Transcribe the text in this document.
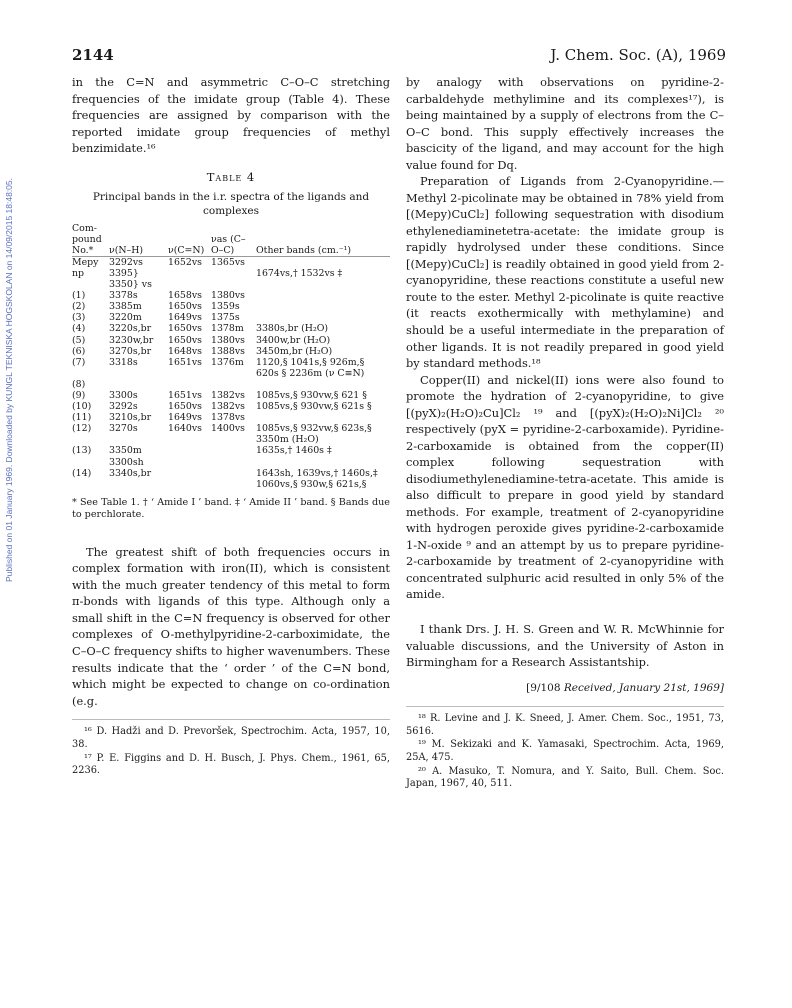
Published on 01 January 1969. Downloaded by KUNGL TEKNISKA HOGSKOLAN on 14/09/2015 18:48:05.
2144	J. Chem. Soc. (A), 1969

in the C=N and asymmetric C–O–C stretching frequencies of the imidate group (Table 4). These frequencies are assigned by comparison with the reported imidate group frequencies of methyl benzimidate.¹⁶

Table 4
Principal bands in the i.r. spectra of the ligands and complexes
Com-pound No.*	ν(N–H)	ν(C=N)	νas (C–O–C)	Other bands (cm.⁻¹)
Mepy	3292vs	1652vs	1365vs	
np	3395} 3350} vs			1674vs,† 1532vs ‡
(1)	3378s	1658vs	1380vs	
(2)	3385m	1650vs	1359s	
(3)	3220m	1649vs	1375s	
(4)	3220s,br	1650vs	1378m	3380s,br (H₂O)
(5)	3230w,br	1650vs	1380vs	3400w,br (H₂O)
(6)	3270s,br	1648vs	1388vs	3450m,br (H₂O)
(7)	3318s	1651vs	1376m	1120,§ 1041s,§ 926m,§ 620s § 2236m (ν C≡N)
(8)				
(9)	3300s	1651vs	1382vs	1085vs,§ 930vw,§ 621 §
(10)	3292s	1650vs	1382vs	1085vs,§ 930vw,§ 621s §
(11)	3210s,br	1649vs	1378vs	
(12)	3270s	1640vs	1400vs	1085vs,§ 932vw,§ 623s,§ 3350m (H₂O)
(13)	3350m 3300sh			1635s,† 1460s ‡
(14)	3340s,br			1643sh, 1639vs,† 1460s,‡ 1060vs,§ 930w,§ 621s,§

* See Table 1. † ‘ Amide I ’ band. ‡ ‘ Amide II ’ band. § Bands due to perchlorate.

The greatest shift of both frequencies occurs in complex formation with iron(II), which is consistent with the much greater tendency of this metal to form π-bonds with ligands of this type. Although only a small shift in the C=N frequency is observed for other complexes of O-methylpyridine-2-carboximidate, the C–O–C frequency shifts to higher wavenumbers. These results indicate that the ‘ order ’ of the C=N bond, which might be expected to change on co-ordination (e.g.

¹⁶ D. Hadži and D. Prevoršek, Spectrochim. Acta, 1957, 10, 38.

¹⁷ P. E. Figgins and D. H. Busch, J. Phys. Chem., 1961, 65, 2236.

by analogy with observations on pyridine-2-carbaldehyde methylimine and its complexes¹⁷), is being maintained by a supply of electrons from the C–O–C bond. This supply effectively increases the bascicity of the ligand, and may account for the high value found for Dq.

Preparation of Ligands from 2-Cyanopyridine.— Methyl 2-picolinate may be obtained in 78% yield from [(Mepy)CuCl₂] following sequestration with disodium ethylenediaminetetra-acetate: the imidate group is rapidly hydrolysed under these conditions. Since [(Mepy)CuCl₂] is readily obtained in good yield from 2-cyanopyridine, these reactions constitute a useful new route to the ester. Methyl 2-picolinate is quite reactive (it reacts exothermically with methylamine) and should be a useful intermediate in the preparation of other ligands. It is not readily prepared in good yield by standard methods.¹⁸

Copper(II) and nickel(II) ions were also found to promote the hydration of 2-cyanopyridine, to give [(pyX)₂(H₂O)₂Cu]Cl₂ ¹⁹ and [(pyX)₂(H₂O)₂Ni]Cl₂ ²⁰ respectively (pyX = pyridine-2-carboxamide). Pyridine-2-carboxamide is obtained from the copper(II) complex following sequestration with disodiumethylenediamine-tetra-acetate. This amide is also difficult to prepare in good yield by standard methods. For example, treatment of 2-cyanopyridine with hydrogen peroxide gives pyridine-2-carboxamide 1-N-oxide ⁹ and an attempt by us to prepare pyridine-2-carboxamide by treatment of 2-cyanopyridine with concentrated sulphuric acid resulted in only 5% of the amide.

I thank Drs. J. H. S. Green and W. R. McWhinnie for valuable discussions, and the University of Aston in Birmingham for a Research Assistantship.

[9/108 Received, January 21st, 1969]

¹⁸ R. Levine and J. K. Sneed, J. Amer. Chem. Soc., 1951, 73, 5616.

¹⁹ M. Sekizaki and K. Yamasaki, Spectrochim. Acta, 1969, 25A, 475.

²⁰ A. Masuko, T. Nomura, and Y. Saito, Bull. Chem. Soc. Japan, 1967, 40, 511.
